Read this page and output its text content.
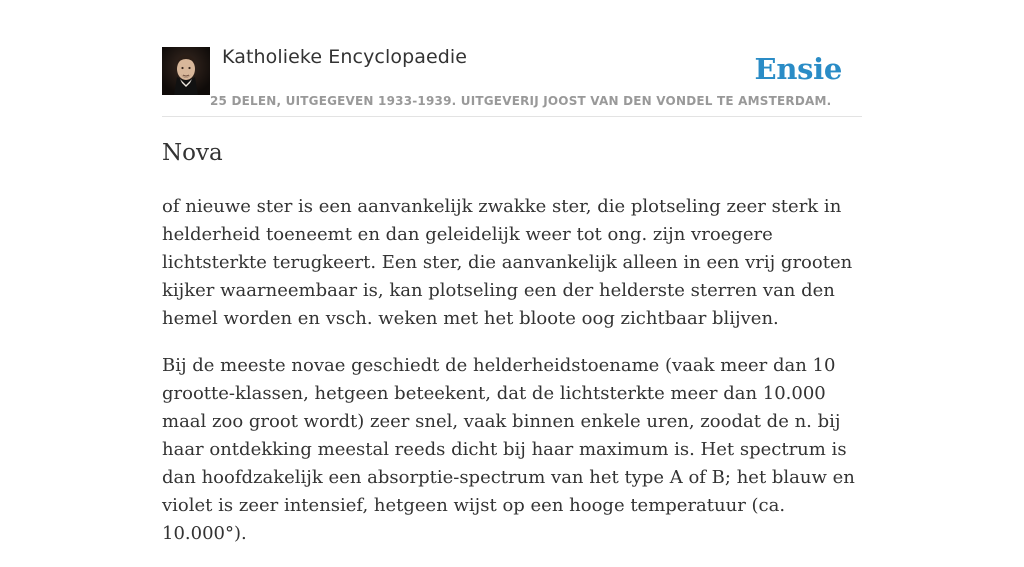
Katholieke Encyclopaedie
25 DELEN, UITGEGEVEN 1933-1939. UITGEVERIJ JOOST VAN DEN VONDEL TE AMSTERDAM.
Ensie
Nova

of nieuwe ster is een aanvankelijk zwakke ster, die plotseling zeer sterk in helderheid toeneemt en dan geleidelijk weer tot ong. zijn vroegere lichtsterkte terugkeert. Een ster, die aanvankelijk alleen in een vrij grooten kijker waarneembaar is, kan plotseling een der helderste sterren van den hemel worden en vsch. weken met het bloote oog zichtbaar blijven.

Bij de meeste novae geschiedt de helderheidstoename (vaak meer dan 10 grootte-klassen, hetgeen beteekent, dat de lichtsterkte meer dan 10.000 maal zoo groot wordt) zeer snel, vaak binnen enkele uren, zoodat de n. bij haar ontdekking meestal reeds dicht bij haar maximum is. Het spectrum is dan hoofdzakelijk een absorptie-spectrum van het type A of B; het blauw en violet is zeer intensief, hetgeen wijst op een hooge temperatuur (ca. 10.000°).
